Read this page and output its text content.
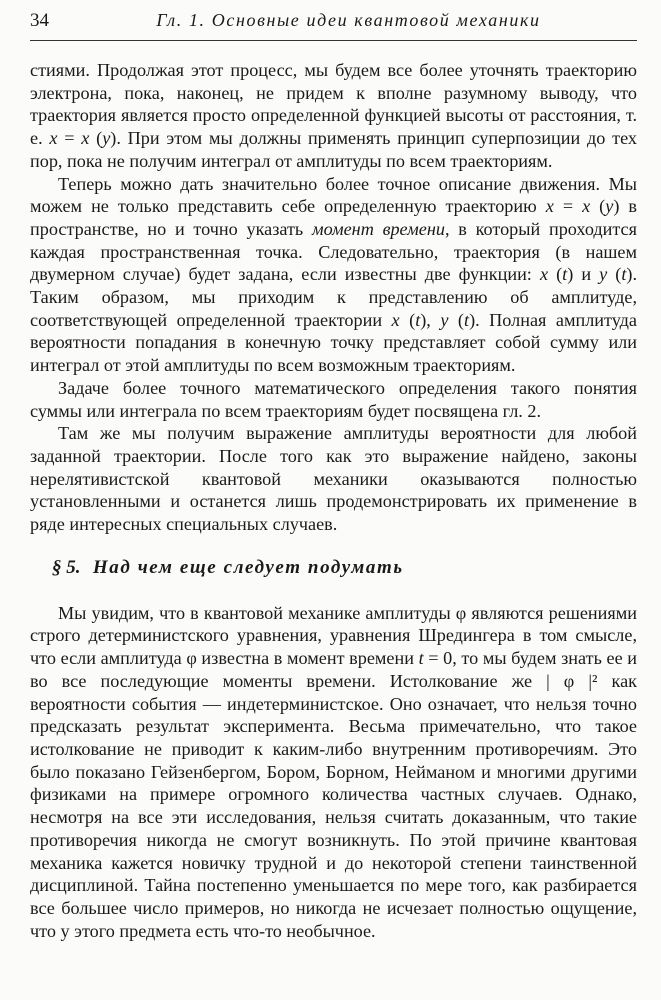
34	Гл. 1. Основные идеи квантовой механики

стиями. Продолжая этот процесс, мы будем все более уточнять траекторию электрона, пока, наконец, не придем к вполне разумному выводу, что траектория является просто определенной функцией высоты от расстояния, т. е. x = x (y). При этом мы должны применять принцип суперпозиции до тех пор, пока не получим интеграл от амплитуды по всем траекториям.

Теперь можно дать значительно более точное описание движения. Мы можем не только представить себе определенную траекторию x = x (y) в пространстве, но и точно указать момент времени, в который проходится каждая пространственная точка. Следовательно, траектория (в нашем двумерном случае) будет задана, если известны две функции: x (t) и y (t). Таким образом, мы приходим к представлению об амплитуде, соответствующей определенной траектории x (t), y (t). Полная амплитуда вероятности попадания в конечную точку представляет собой сумму или интеграл от этой амплитуды по всем возможным траекториям.

Задаче более точного математического определения такого понятия суммы или интеграла по всем траекториям будет посвящена гл. 2.

Там же мы получим выражение амплитуды вероятности для любой заданной траектории. После того как это выражение найдено, законы нерелятивистской квантовой механики оказываются полностью установленными и останется лишь продемонстрировать их применение в ряде интересных специальных случаев.

§ 5. Над чем еще следует подумать

Мы увидим, что в квантовой механике амплитуды φ являются решениями строго детерминистского уравнения, уравнения Шредингера в том смысле, что если амплитуда φ известна в момент времени t = 0, то мы будем знать ее и во все последующие моменты времени. Истолкование же | φ |² как вероятности события — индетерминистское. Оно означает, что нельзя точно предсказать результат эксперимента. Весьма примечательно, что такое истолкование не приводит к каким-либо внутренним противоречиям. Это было показано Гейзенбергом, Бором, Борном, Нейманом и многими другими физиками на примере огромного количества частных случаев. Однако, несмотря на все эти исследования, нельзя считать доказанным, что такие противоречия никогда не смогут возникнуть. По этой причине квантовая механика кажется новичку трудной и до некоторой степени таинственной дисциплиной. Тайна постепенно уменьшается по мере того, как разбирается все большее число примеров, но никогда не исчезает полностью ощущение, что у этого предмета есть что-то необычное.
